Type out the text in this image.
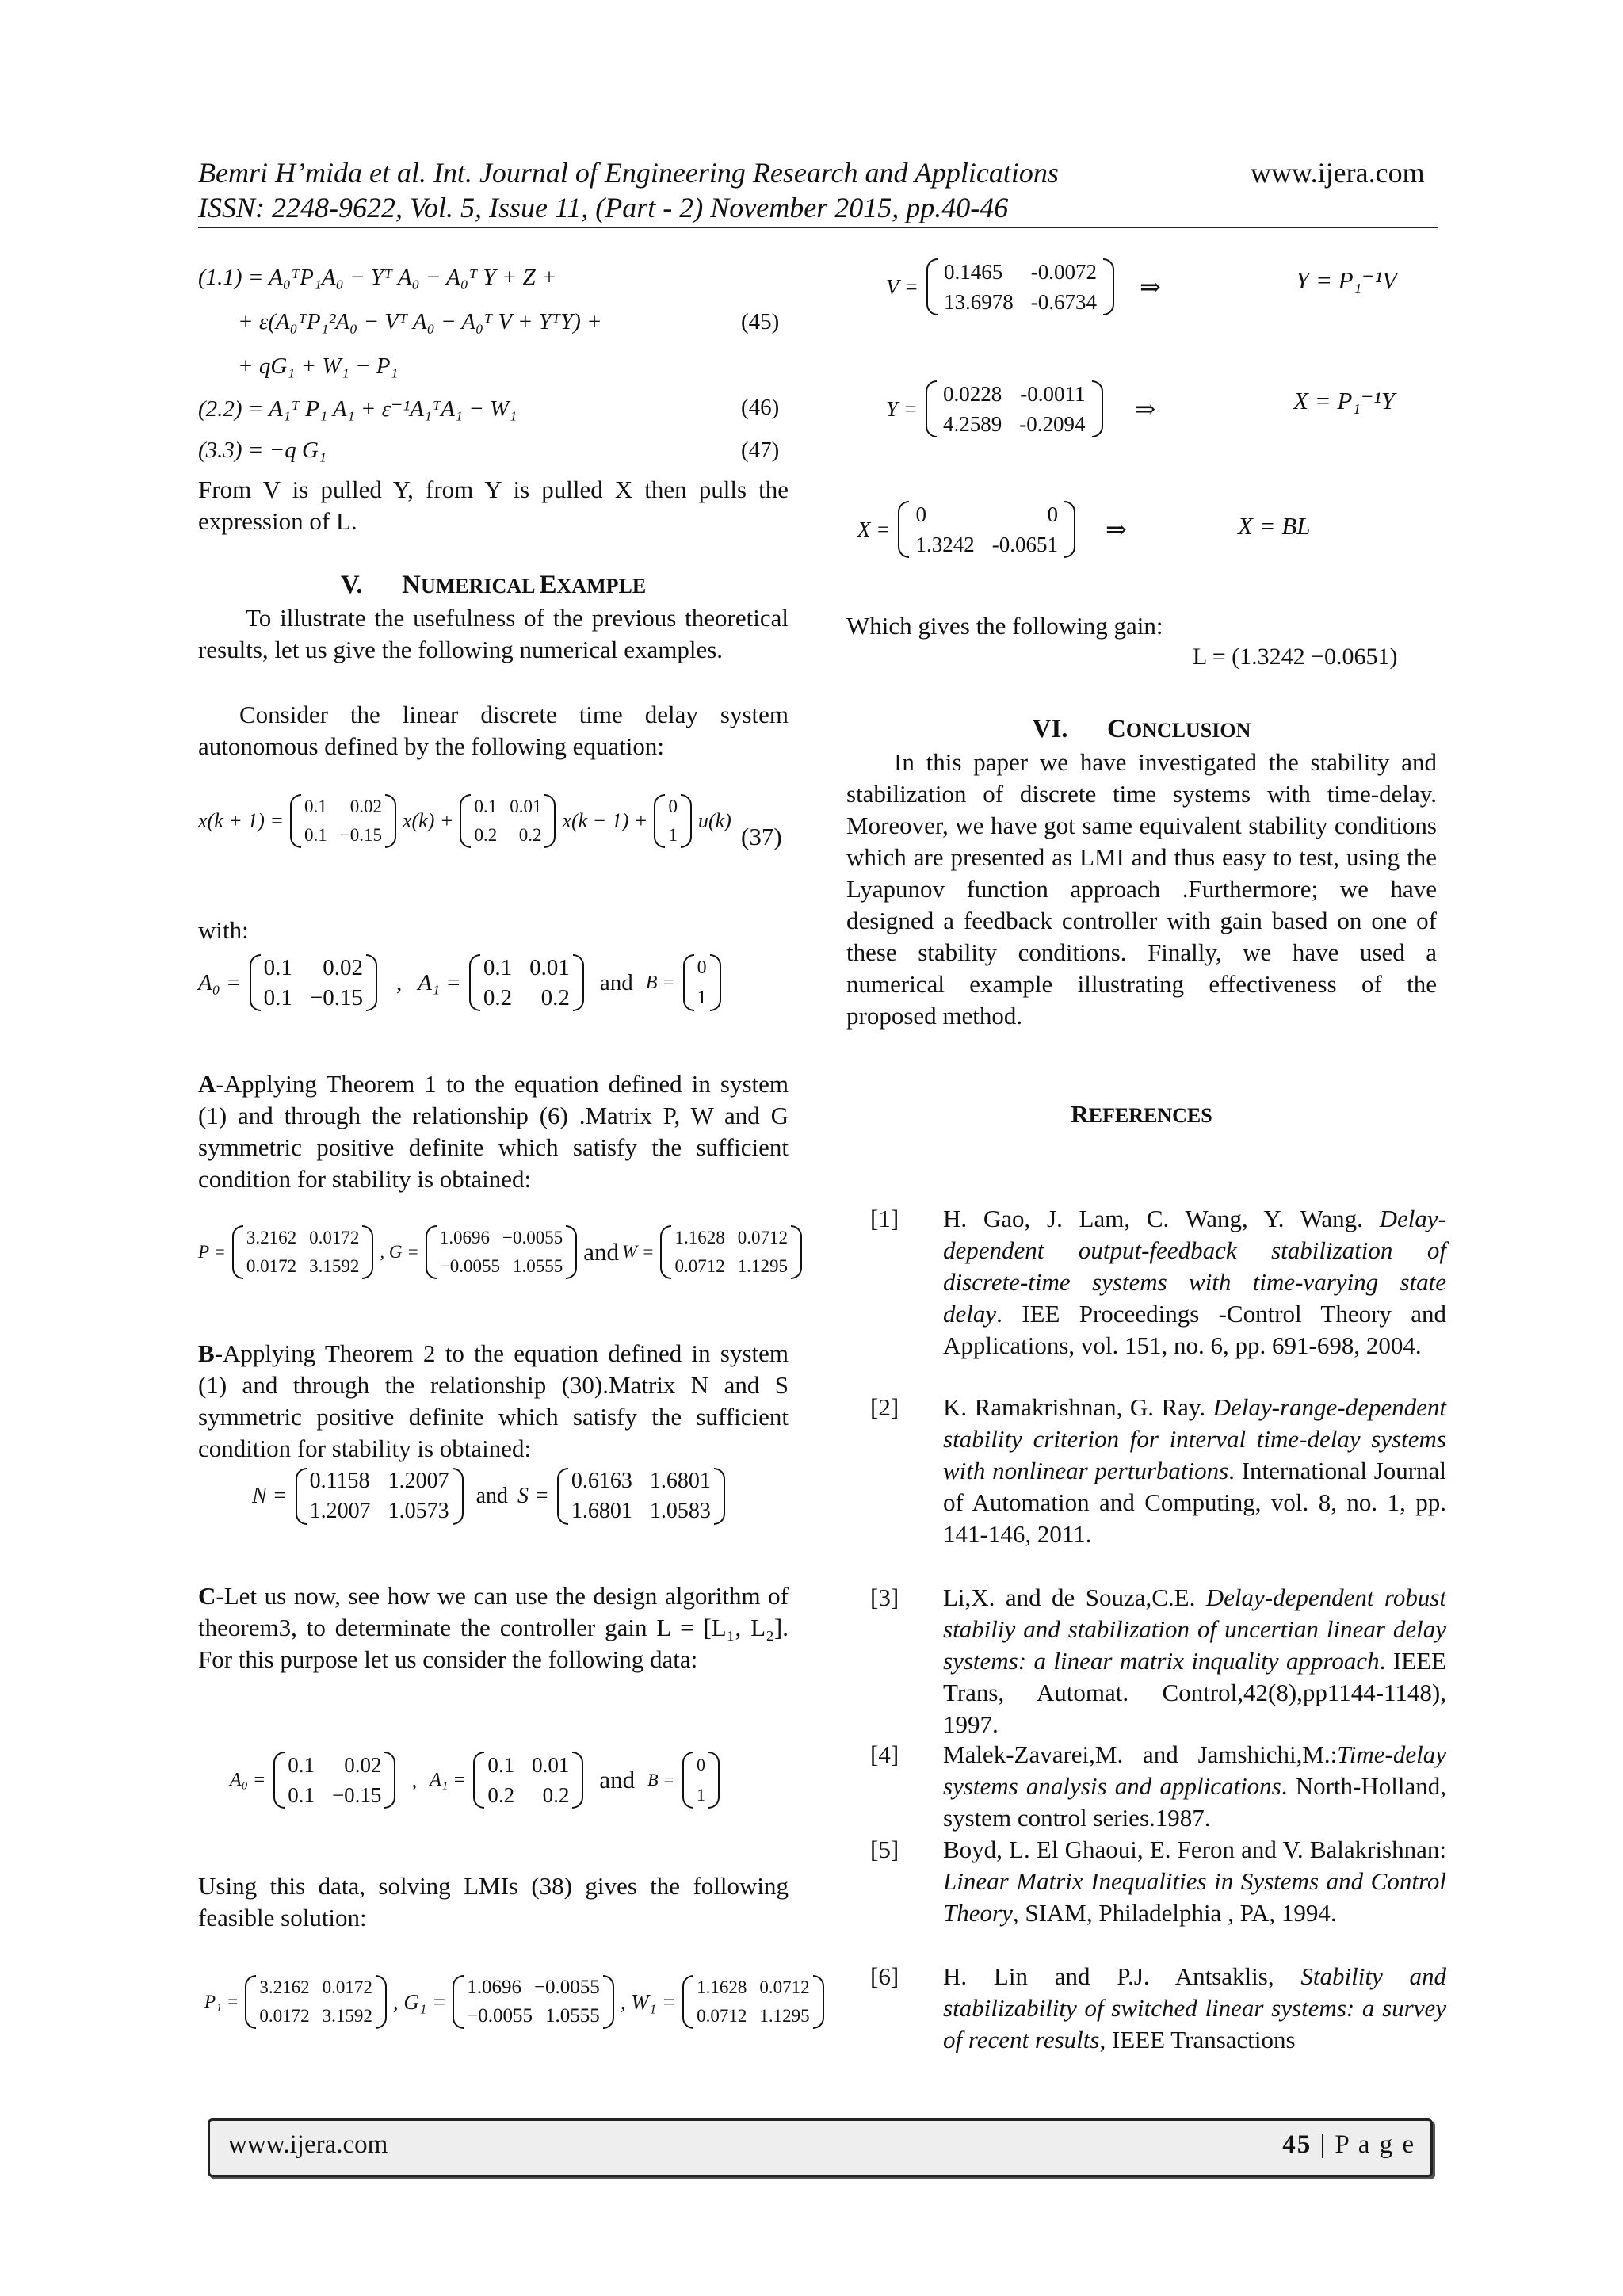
Bemri H’mida et al. Int. Journal of Engineering Research and Applications	www.ijera.com
ISSN: 2248-9622, Vol. 5, Issue 11, (Part - 2) November 2015, pp.40-46
(1.1) = A₀ᵀP₁A₀ − Yᵀ A₀ − A₀ᵀ Y + Z +
+ ε(A₀ᵀP₁²A₀ − Vᵀ A₀ − A₀ᵀ V + YᵀY) +	(45)
+ qG₁ + W₁ − P₁
(2.2) = A₁ᵀ P₁ A₁ + ε⁻¹A₁ᵀA₁ − W₁	(46)
(3.3) = −q G₁	(47)
From V is pulled Y, from Y is pulled X then pulls the expression of L.
V. NUMERICAL EXAMPLE
To illustrate the usefulness of the previous theoretical results, let us give the following numerical examples.
Consider the linear discrete time delay system autonomous defined by the following equation:
x(k + 1) =
0.1 0.02
0.1 −0.15
x(k) +
0.1 0.01
0.2 0.2
x(k − 1) +
0
1
u(k)
(37)
with:
A₀ =
0.1 0.02
0.1 −0.15
, A₁ =
0.1 0.01
0.2 0.2
and B =
0
1
A-Applying Theorem 1 to the equation defined in system (1) and through the relationship (6) .Matrix P, W and G symmetric positive definite which satisfy the sufficient condition for stability is obtained:
P =
3.2162 0.0172
0.0172 3.1592
, G =
1.0696 −0.0055
−0.0055 1.0555
and W =
1.1628 0.0712
0.0712 1.1295
B-Applying Theorem 2 to the equation defined in system (1) and through the relationship (30).Matrix N and S symmetric positive definite which satisfy the sufficient condition for stability is obtained:
N =
0.1158 1.2007
1.2007 1.0573
and S =
0.6163 1.6801
1.6801 1.0583
C-Let us now, see how we can use the design algorithm of theorem3, to determinate the controller gain L = [L₁, L₂]. For this purpose let us consider the following data:
A₀ =
0.1 0.02
0.1 −0.15
, A₁ =
0.1 0.01
0.2 0.2
and B =
0
1
Using this data, solving LMIs (38) gives the following feasible solution:
P₁ =
3.2162 0.0172
0.0172 3.1592
, G₁ =
1.0696 −0.0055
−0.0055 1.0555
, W₁ =
1.1628 0.0712
0.0712 1.1295
V =
0.1465 -0.0072
13.6978 -0.6734
⇒	Y = P₁⁻¹V
Y =
0.0228 -0.0011
4.2589 -0.2094
⇒	X = P₁⁻¹Y
X =
0	0
1.3242 -0.0651
⇒	X = BL
Which gives the following gain:
L = (1.3242 −0.0651)
VI. CONCLUSION
In this paper we have investigated the stability and stabilization of discrete time systems with time-delay. Moreover, we have got same equivalent stability conditions which are presented as LMI and thus easy to test, using the Lyapunov function approach .Furthermore; we have designed a feedback controller with gain based on one of these stability conditions. Finally, we have used a numerical example illustrating effectiveness of the proposed method.
REFERENCES
[1] H. Gao, J. Lam, C. Wang, Y. Wang. Delay-dependent output-feedback stabilization of discrete-time systems with time-varying state delay. IEE Proceedings -Control Theory and Applications, vol. 151, no. 6, pp. 691-698, 2004.
[2] K. Ramakrishnan, G. Ray. Delay-range-dependent stability criterion for interval time-delay systems with nonlinear perturbations. International Journal of Automation and Computing, vol. 8, no. 1, pp. 141-146, 2011.
[3] Li,X. and de Souza,C.E. Delay-dependent robust stabiliy and stabilization of uncertian linear delay systems: a linear matrix inquality approach. IEEE Trans, Automat. Control,42(8),pp1144-1148), 1997.
[4] Malek-Zavarei,M. and Jamshichi,M.:Time-delay systems analysis and applications. North-Holland, system control series.1987.
[5] Boyd, L. El Ghaoui, E. Feron and V. Balakrishnan: Linear Matrix Inequalities in Systems and Control Theory, SIAM, Philadelphia , PA, 1994.
[6] H. Lin and P.J. Antsaklis, Stability and stabilizability of switched linear systems: a survey of recent results, IEEE Transactions
www.ijera.com	45 | P a g e
